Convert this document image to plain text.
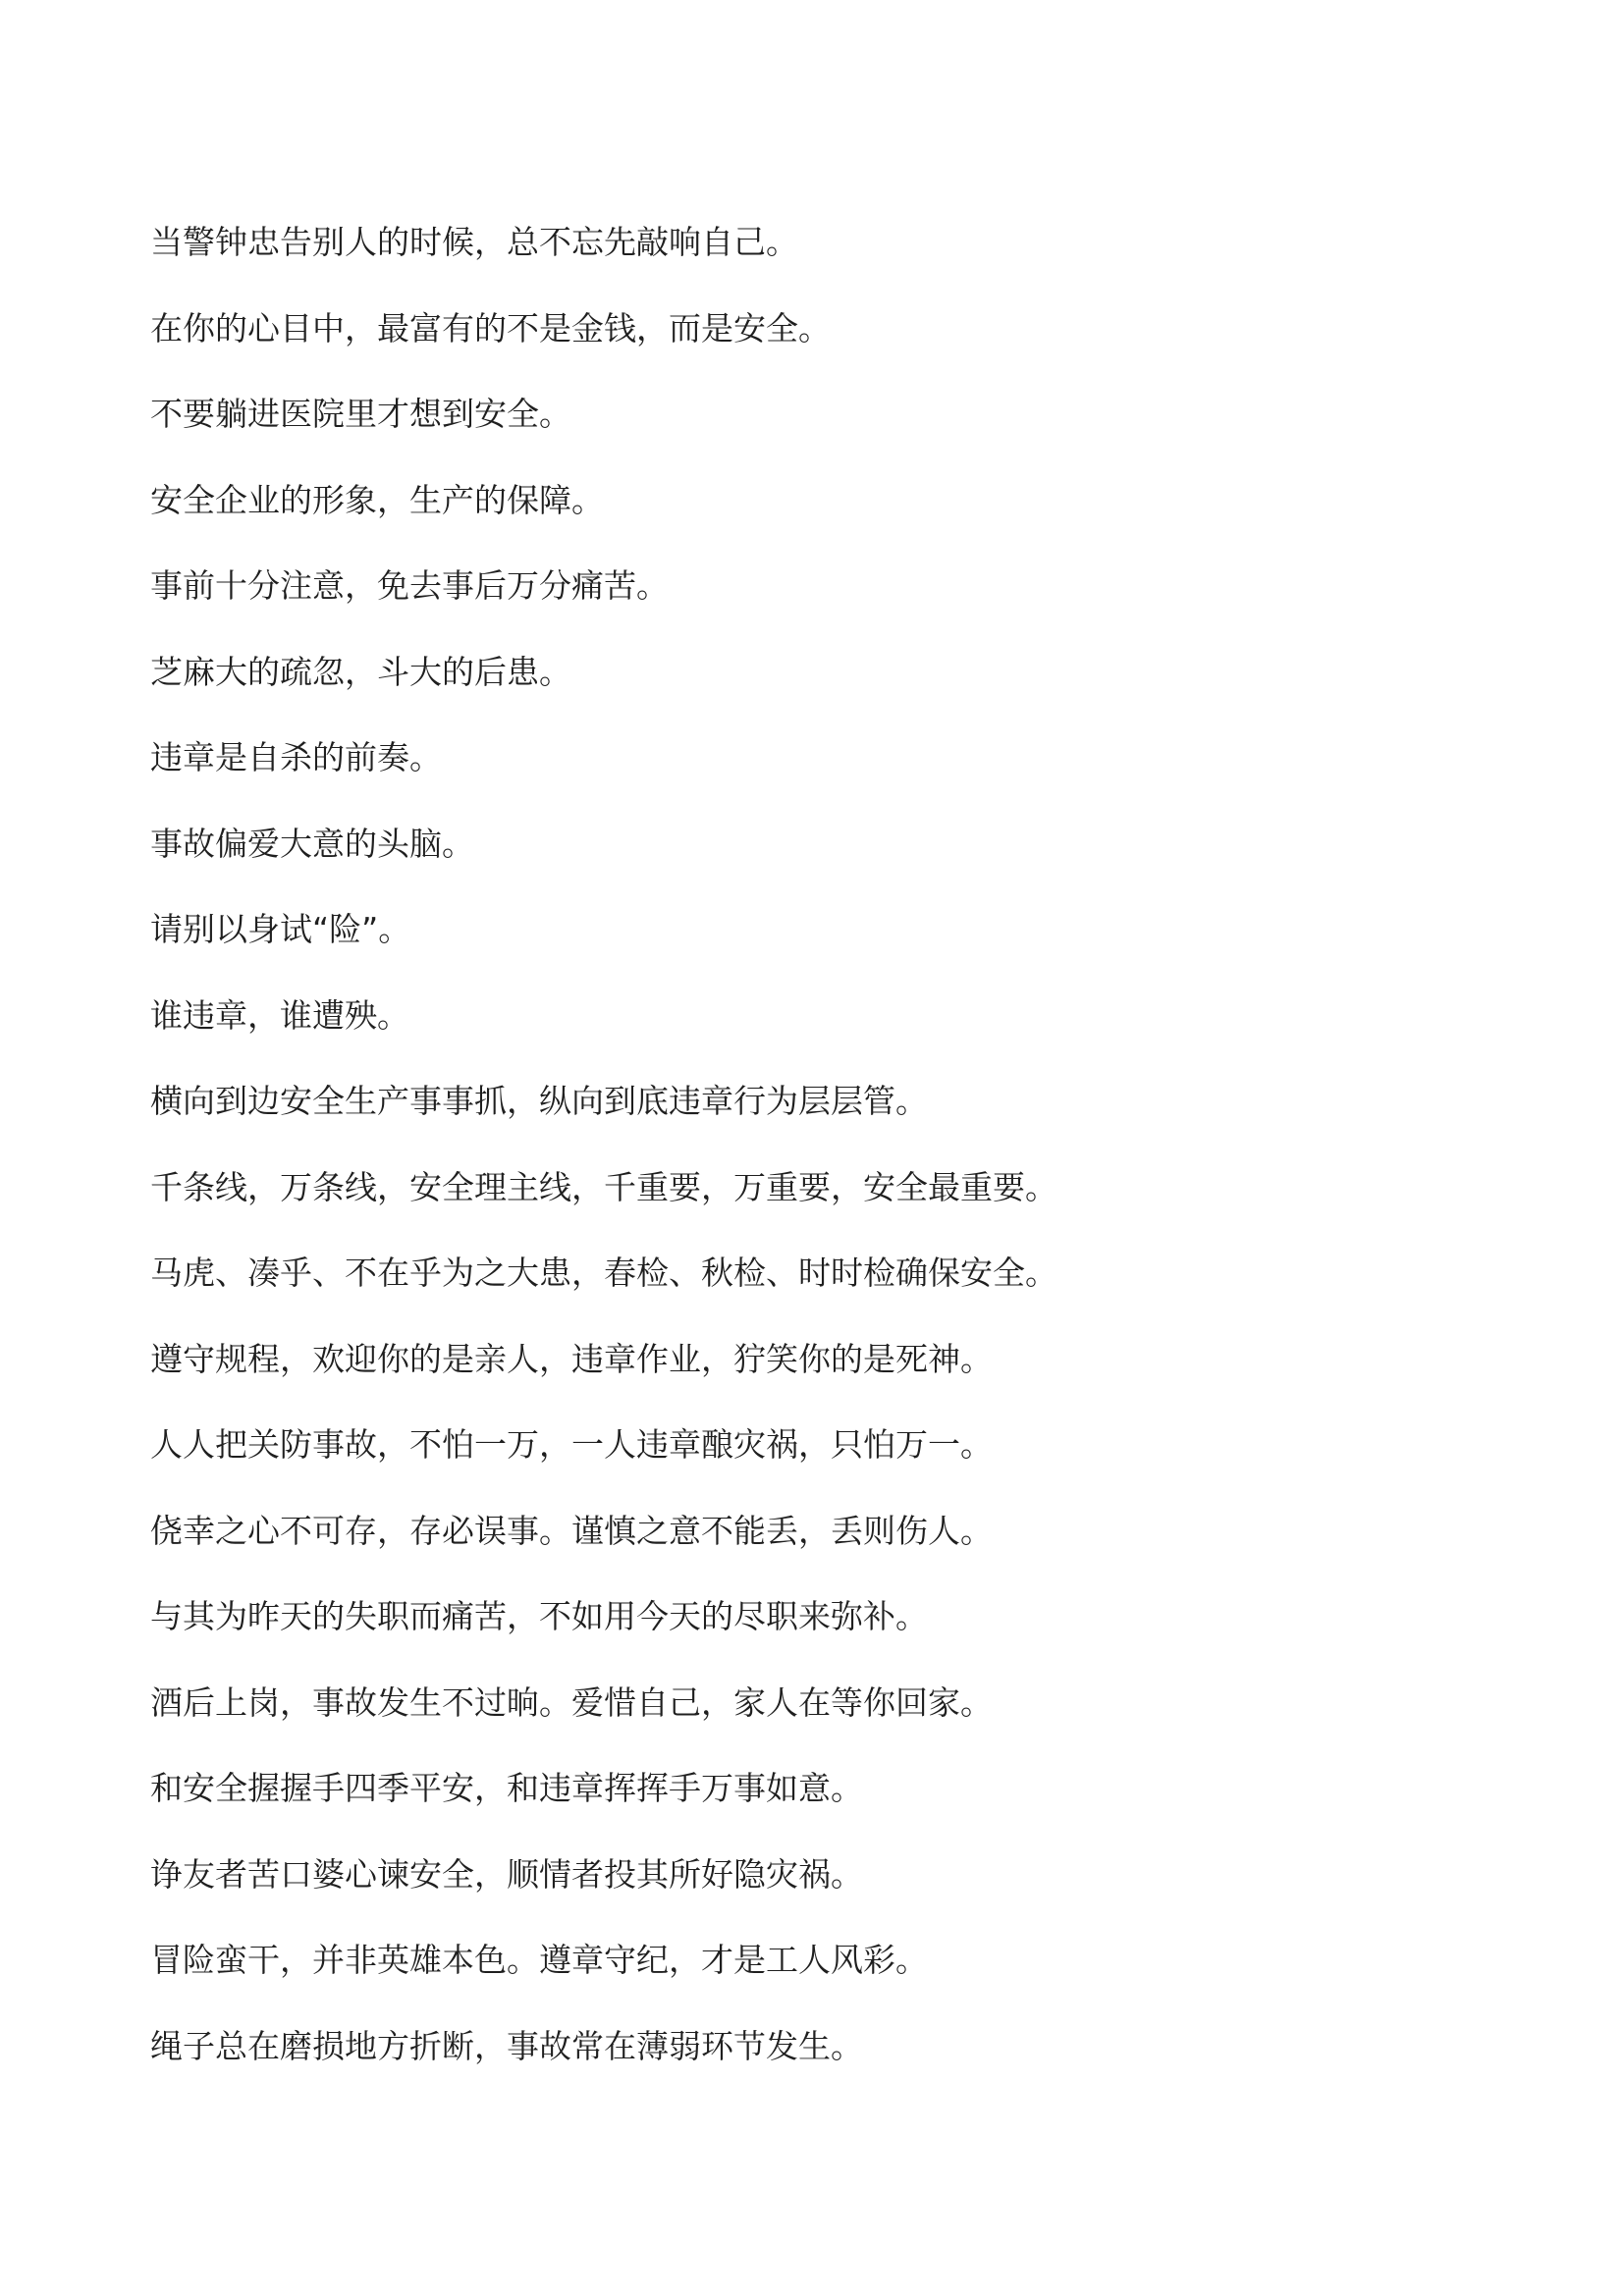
当警钟忠告别人的时候，总不忘先敲响自己。
在你的心目中，最富有的不是金钱，而是安全。
不要躺进医院里才想到安全。
安全企业的形象，生产的保障。
事前十分注意，免去事后万分痛苦。
芝麻大的疏忽，斗大的后患。
违章是自杀的前奏。
事故偏爱大意的头脑。
请别以身试“险”。
谁违章，谁遭殃。
横向到边安全生产事事抓，纵向到底违章行为层层管。
千条线，万条线，安全理主线，千重要，万重要，安全最重要。
马虎、凑乎、不在乎为之大患，春检、秋检、时时检确保安全。
遵守规程，欢迎你的是亲人，违章作业，狞笑你的是死神。
人人把关防事故，不怕一万，一人违章酿灾祸，只怕万一。
侥幸之心不可存，存必误事。谨慎之意不能丢，丢则伤人。
与其为昨天的失职而痛苦，不如用今天的尽职来弥补。
酒后上岗，事故发生不过晌。爱惜自己，家人在等你回家。
和安全握握手四季平安，和违章挥挥手万事如意。
诤友者苦口婆心谏安全，顺情者投其所好隐灾祸。
冒险蛮干，并非英雄本色。遵章守纪，才是工人风彩。
绳子总在磨损地方折断，事故常在薄弱环节发生。
